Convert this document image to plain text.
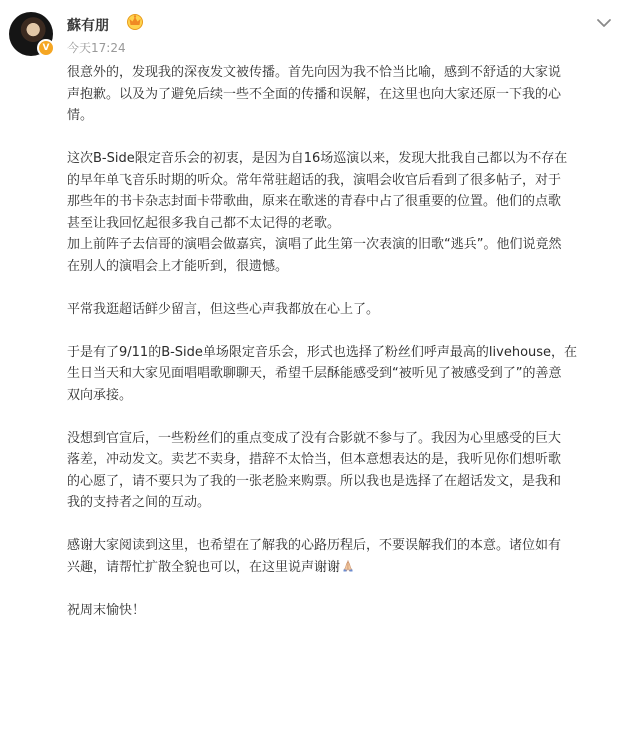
V
蘇有朋
今天17:24

很意外的，发现我的深夜发文被传播。首先向因为我不恰当比喻，感到不舒适的大家说
声抱歉。以及为了避免后续一些不全面的传播和误解，在这里也向大家还原一下我的心
情。

这次B-Side限定音乐会的初衷，是因为自16场巡演以来，发现大批我自己都以为不存在
的早年单飞音乐时期的听众。常年常驻超话的我，演唱会收官后看到了很多帖子，对于
那些年的书卡杂志封面卡带歌曲，原来在歌迷的青春中占了很重要的位置。他们的点歌
甚至让我回忆起很多我自己都不太记得的老歌。

加上前阵子去信哥的演唱会做嘉宾，演唱了此生第一次表演的旧歌“逃兵”。他们说竟然
在别人的演唱会上才能听到，很遗憾。

平常我逛超话鲜少留言，但这些心声我都放在心上了。

于是有了9/11的B-Side单场限定音乐会，形式也选择了粉丝们呼声最高的livehouse，在
生日当天和大家见面唱唱歌聊聊天，希望千层酥能感受到“被听见了被感受到了”的善意
双向承接。

没想到官宣后，一些粉丝们的重点变成了没有合影就不参与了。我因为心里感受的巨大
落差，冲动发文。卖艺不卖身，措辞不太恰当，但本意想表达的是，我听见你们想听歌
的心愿了，请不要只为了我的一张老脸来购票。所以我也是选择了在超话发文，是我和
我的支持者之间的互动。

感谢大家阅读到这里，也希望在了解我的心路历程后，不要误解我们的本意。诸位如有
兴趣，请帮忙扩散全貌也可以，在这里说声谢谢

祝周末愉快！
